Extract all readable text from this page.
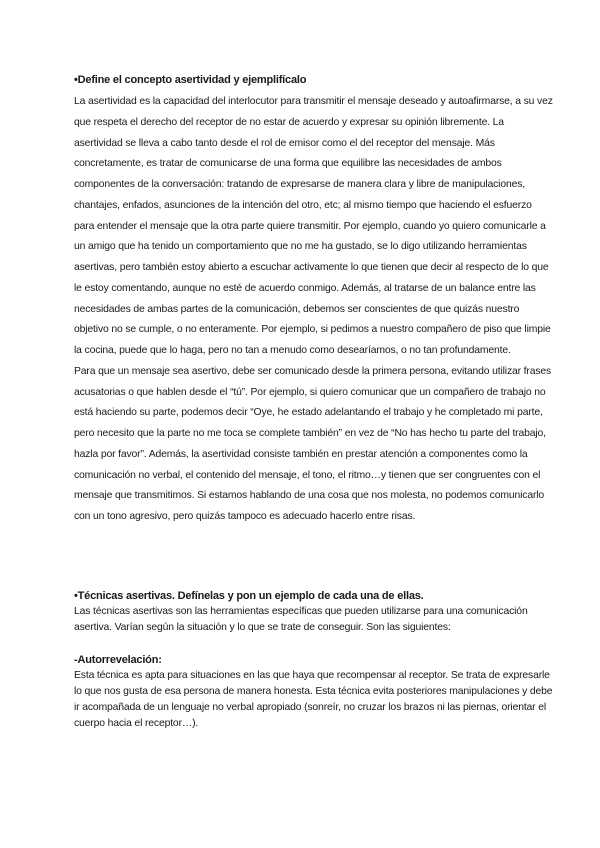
•Define el concepto asertividad y ejemplifícalo

La asertividad es la capacidad del interlocutor para transmitir el mensaje deseado y autoafirmarse, a su vez que respeta el derecho del receptor de no estar de acuerdo y expresar su opinión libremente. La asertividad se lleva a cabo tanto desde el rol de emisor como el del receptor del mensaje. Más concretamente, es tratar de comunicarse de una forma que equilibre las necesidades de ambos componentes de la conversación: tratando de expresarse de manera clara y libre de manipulaciones, chantajes, enfados, asunciones de la intención del otro, etc; al mismo tiempo que haciendo el esfuerzo para entender el mensaje que la otra parte quiere transmitir. Por ejemplo, cuando yo quiero comunicarle a un amigo que ha tenido un comportamiento que no me ha gustado, se lo digo utilizando herramientas asertivas, pero también estoy abierto a escuchar activamente lo que tienen que decir al respecto de lo que le estoy comentando, aunque no esté de acuerdo conmigo. Además, al tratarse de un balance entre las necesidades de ambas partes de la comunicación, debemos ser conscientes de que quizás nuestro objetivo no se cumple, o no enteramente. Por ejemplo, si pedimos a nuestro compañero de piso que limpie la cocina, puede que lo haga, pero no tan a menudo como desearíamos, o no tan profundamente.

Para que un mensaje sea asertivo, debe ser comunicado desde la primera persona, evitando utilizar frases acusatorias o que hablen desde el “tú”. Por ejemplo, si quiero comunicar que un compañero de trabajo no está haciendo su parte, podemos decir “Oye, he estado adelantando el trabajo y he completado mi parte, pero necesito que la parte no me toca se complete también” en vez de “No has hecho tu parte del trabajo, hazla por favor”. Además, la asertividad consiste también en prestar atención a componentes como la comunicación no verbal, el contenido del mensaje, el tono, el ritmo…y tienen que ser congruentes con el mensaje que transmitimos. Si estamos hablando de una cosa que nos molesta, no podemos comunicarlo con un tono agresivo, pero quizás tampoco es adecuado hacerlo entre risas.

•Técnicas asertivas. Defínelas y pon un ejemplo de cada una de ellas.

Las técnicas asertivas son las herramientas específicas que pueden utilizarse para una comunicación asertiva. Varían según la situación y lo que se trate de conseguir. Son las siguientes:

-Autorrevelación:

Esta técnica es apta para situaciones en las que haya que recompensar al receptor. Se trata de expresarle lo que nos gusta de esa persona de manera honesta. Esta técnica evita posteriores manipulaciones y debe ir acompañada de un lenguaje no verbal apropiado (sonreír, no cruzar los brazos ni las piernas, orientar el cuerpo hacia el receptor…).
